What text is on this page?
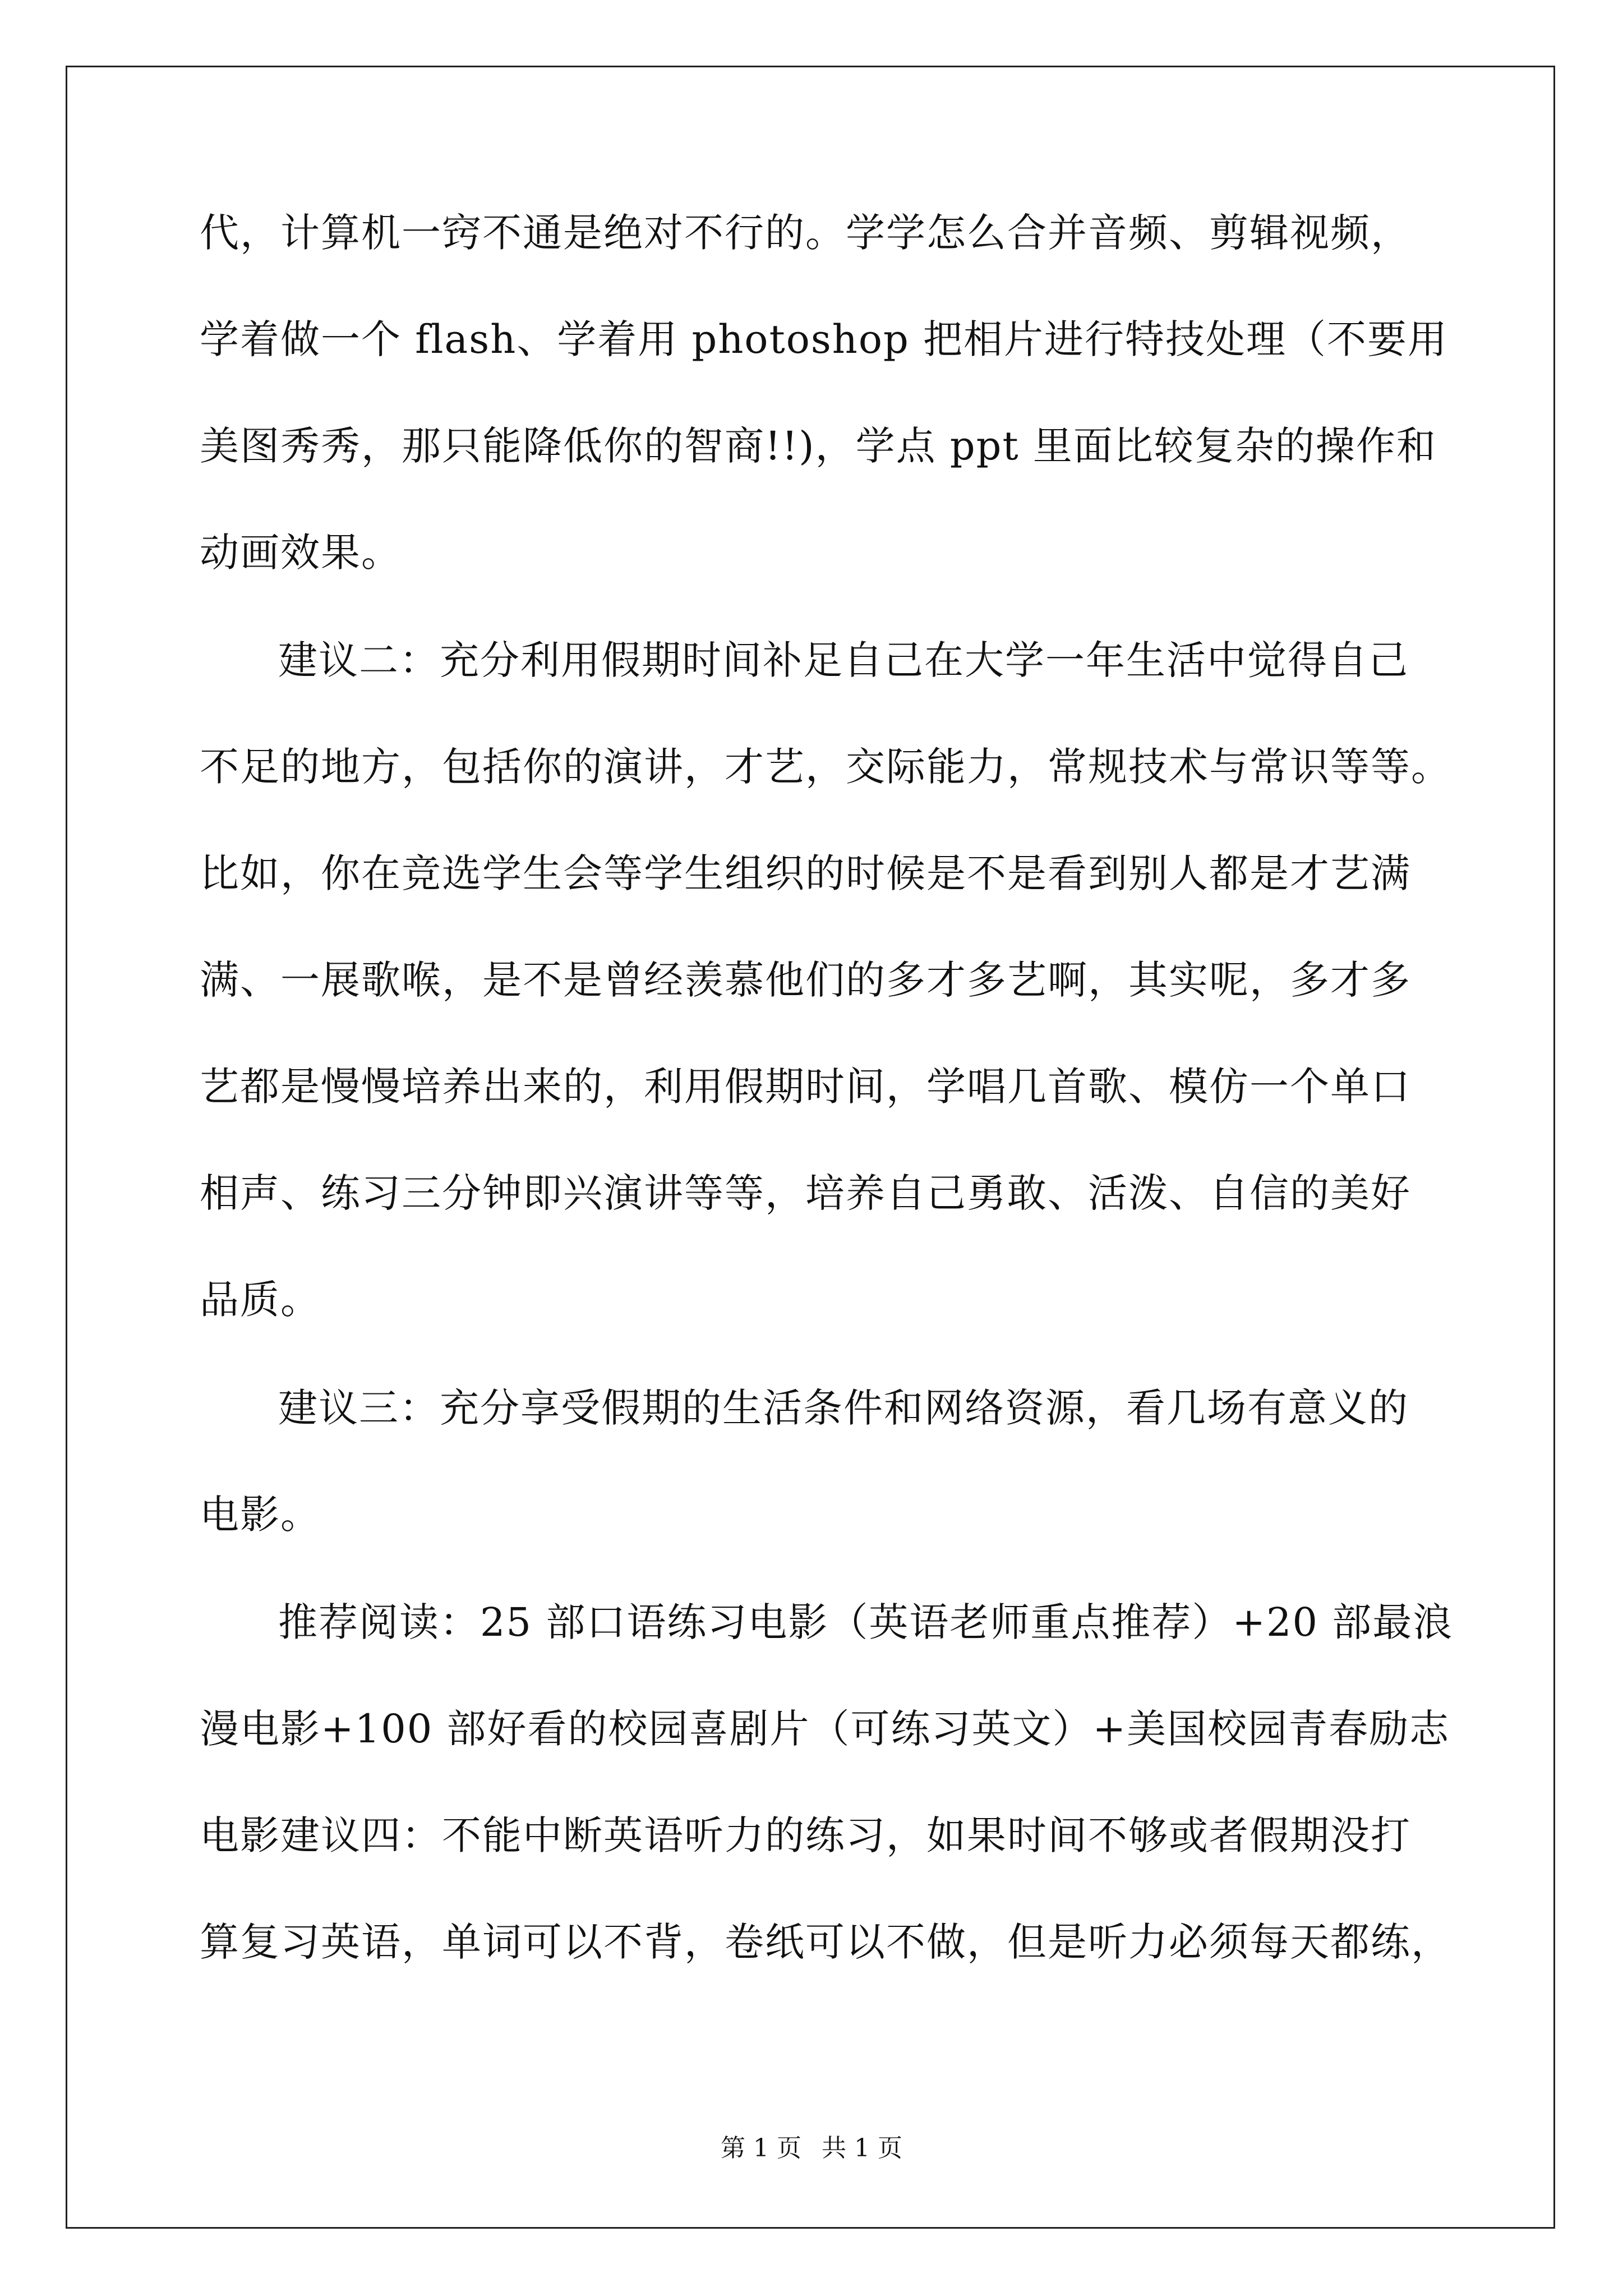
代，计算机一窍不通是绝对不行的。学学怎么合并音频、剪辑视频，
学着做一个 flash、学着用 photoshop 把相片进行特技处理（不要用
美图秀秀，那只能降低你的智商!!)，学点 ppt 里面比较复杂的操作和
动画效果。
建议二：充分利用假期时间补足自己在大学一年生活中觉得自己
不足的地方，包括你的演讲，才艺，交际能力，常规技术与常识等等。
比如，你在竞选学生会等学生组织的时候是不是看到别人都是才艺满
满、一展歌喉，是不是曾经羡慕他们的多才多艺啊，其实呢，多才多
艺都是慢慢培养出来的，利用假期时间，学唱几首歌、模仿一个单口
相声、练习三分钟即兴演讲等等，培养自己勇敢、活泼、自信的美好
品质。
建议三：充分享受假期的生活条件和网络资源，看几场有意义的
电影。
推荐阅读：25 部口语练习电影（英语老师重点推荐）+20 部最浪
漫电影+100 部好看的校园喜剧片（可练习英文）+美国校园青春励志
电影建议四：不能中断英语听力的练习，如果时间不够或者假期没打
算复习英语，单词可以不背，卷纸可以不做，但是听力必须每天都练，
第 1 页 共 1 页
